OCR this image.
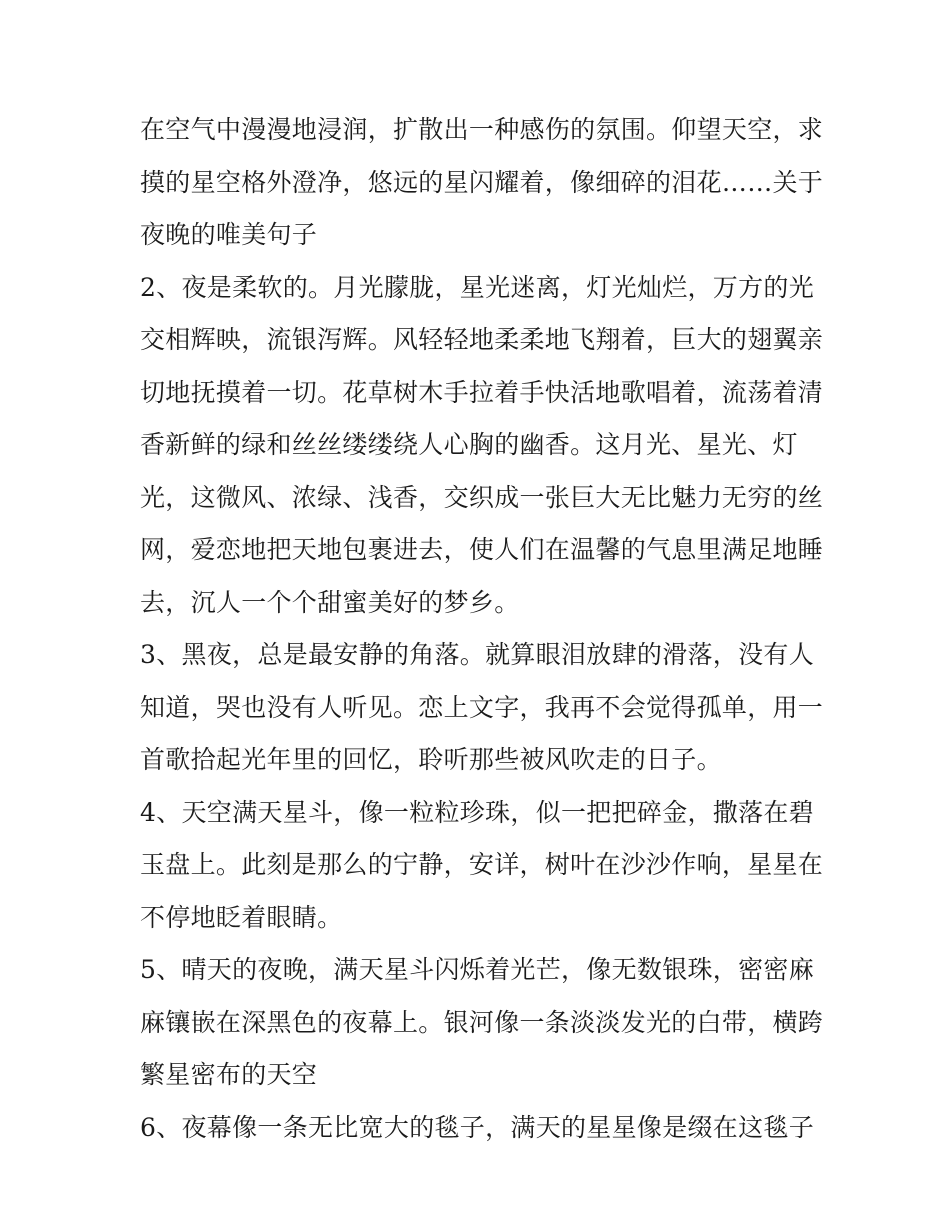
在空气中漫漫地浸润，扩散出一种感伤的氛围。仰望天空，求
摸的星空格外澄净，悠远的星闪耀着，像细碎的泪花……关于
夜晚的唯美句子
2、夜是柔软的。月光朦胧，星光迷离，灯光灿烂，万方的光
交相辉映，流银泻辉。风轻轻地柔柔地飞翔着，巨大的翅翼亲
切地抚摸着一切。花草树木手拉着手快活地歌唱着，流荡着清
香新鲜的绿和丝丝缕缕绕人心胸的幽香。这月光、星光、灯
光，这微风、浓绿、浅香，交织成一张巨大无比魅力无穷的丝
网，爱恋地把天地包裹进去，使人们在温馨的气息里满足地睡
去，沉人一个个甜蜜美好的梦乡。
3、黑夜，总是最安静的角落。就算眼泪放肆的滑落，没有人
知道，哭也没有人听见。恋上文字，我再不会觉得孤单，用一
首歌拾起光年里的回忆，聆听那些被风吹走的日子。
4、天空满天星斗，像一粒粒珍珠，似一把把碎金，撒落在碧
玉盘上。此刻是那么的宁静，安详，树叶在沙沙作响，星星在
不停地眨着眼睛。
5、晴天的夜晚，满天星斗闪烁着光芒，像无数银珠，密密麻
麻镶嵌在深黑色的夜幕上。银河像一条淡淡发光的白带，横跨
繁星密布的天空
6、夜幕像一条无比宽大的毯子，满天的星星像是缀在这毯子
